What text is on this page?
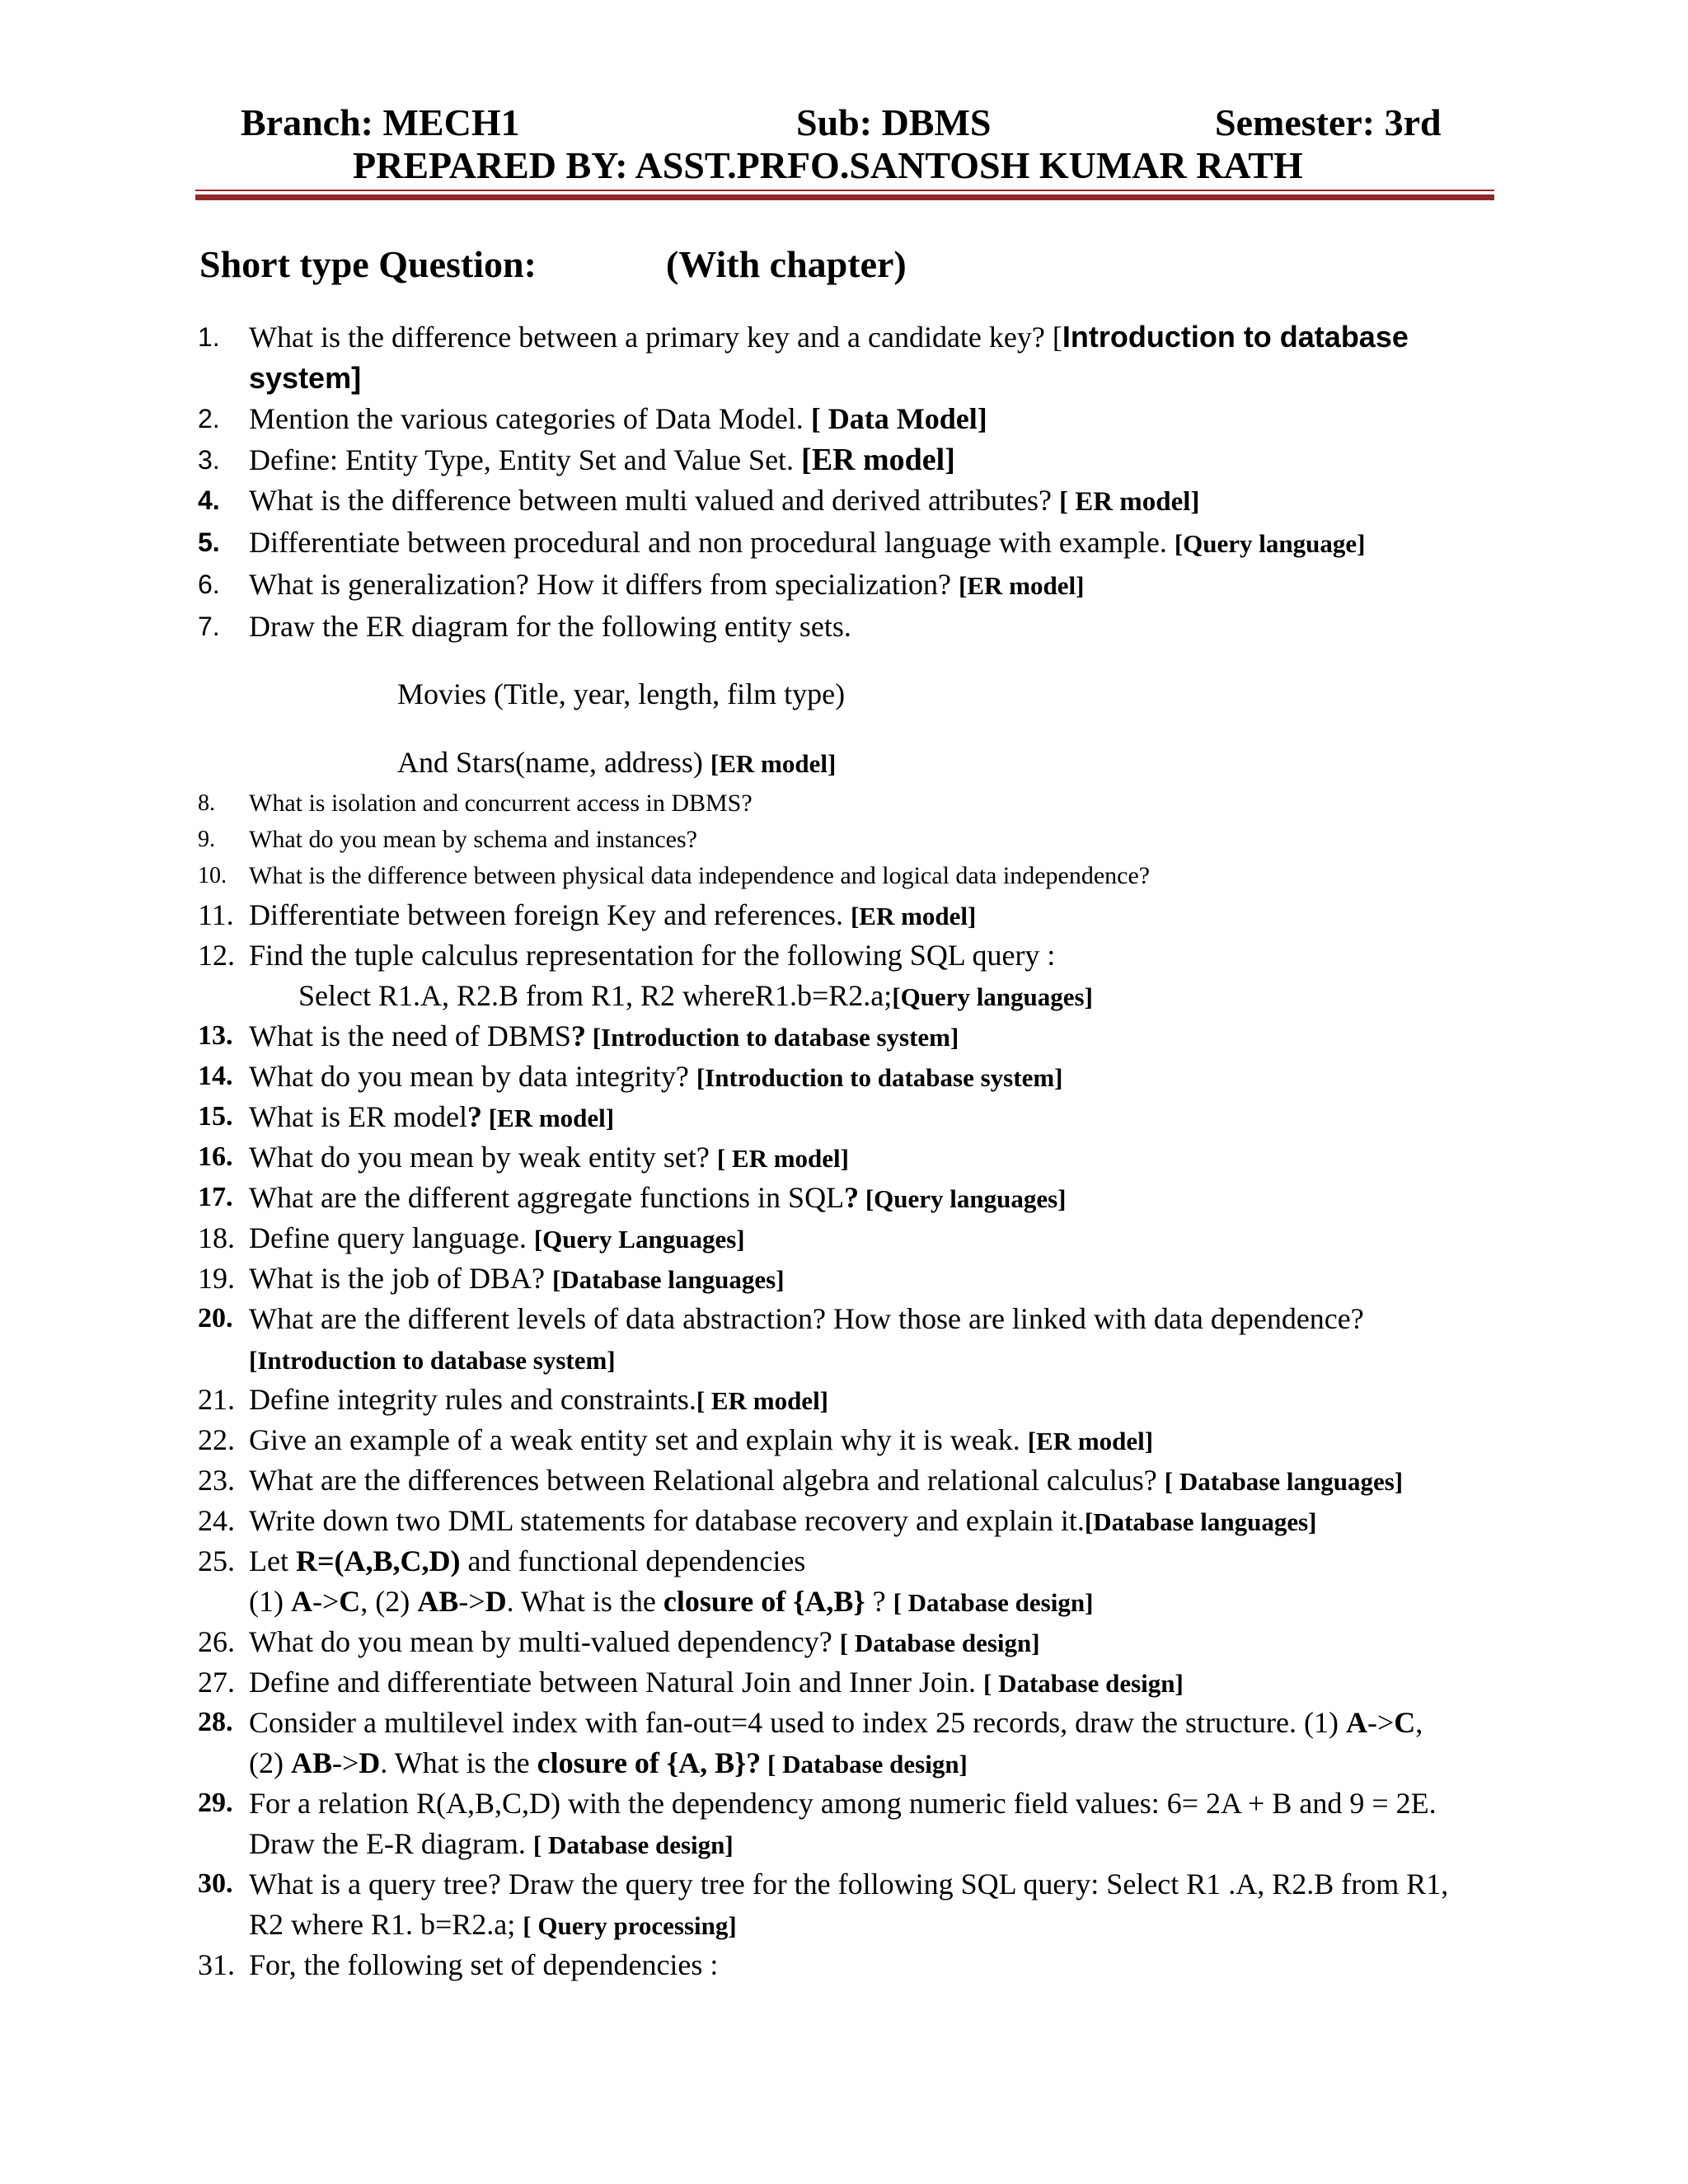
Branch: MECH1	Sub: DBMS	Semester: 3rd
PREPARED BY: ASST.PRFO.SANTOSH KUMAR RATH
Short type Question:	(With chapter)
1. What is the difference between a primary key and a candidate key? [Introduction to database
system]
2. Mention the various categories of Data Model. [ Data Model]
3. Define: Entity Type, Entity Set and Value Set. [ER model]
4. What is the difference between multi valued and derived attributes? [ ER model]
5. Differentiate between procedural and non procedural language with example. [Query language]
6. What is generalization? How it differs from specialization? [ER model]
7. Draw the ER diagram for the following entity sets.
Movies (Title, year, length, film type)
And Stars(name, address) [ER model]
8. What is isolation and concurrent access in DBMS?
9. What do you mean by schema and instances?
10. What is the difference between physical data independence and logical data independence?
11. Differentiate between foreign Key and references. [ER model]
12. Find the tuple calculus representation for the following SQL query :
Select R1.A, R2.B from R1, R2 whereR1.b=R2.a;[Query languages]
13. What is the need of DBMS? [Introduction to database system]
14. What do you mean by data integrity? [Introduction to database system]
15. What is ER model? [ER model]
16. What do you mean by weak entity set? [ ER model]
17. What are the different aggregate functions in SQL? [Query languages]
18. Define query language. [Query Languages]
19. What is the job of DBA? [Database languages]
20. What are the different levels of data abstraction? How those are linked with data dependence?
[Introduction to database system]
21. Define integrity rules and constraints.[ ER model]
22. Give an example of a weak entity set and explain why it is weak. [ER model]
23. What are the differences between Relational algebra and relational calculus? [ Database languages]
24. Write down two DML statements for database recovery and explain it.[Database languages]
25. Let R=(A,B,C,D) and functional dependencies
(1) A->C, (2) AB->D. What is the closure of {A,B} ? [ Database design]
26. What do you mean by multi-valued dependency? [ Database design]
27. Define and differentiate between Natural Join and Inner Join. [ Database design]
28. Consider a multilevel index with fan-out=4 used to index 25 records, draw the structure. (1) A->C,
(2) AB->D. What is the closure of {A, B}? [ Database design]
29. For a relation R(A,B,C,D) with the dependency among numeric field values: 6= 2A + B and 9 = 2E.
Draw the E-R diagram. [ Database design]
30. What is a query tree? Draw the query tree for the following SQL query: Select R1 .A, R2.B from R1,
R2 where R1. b=R2.a; [ Query processing]
31. For, the following set of dependencies :
